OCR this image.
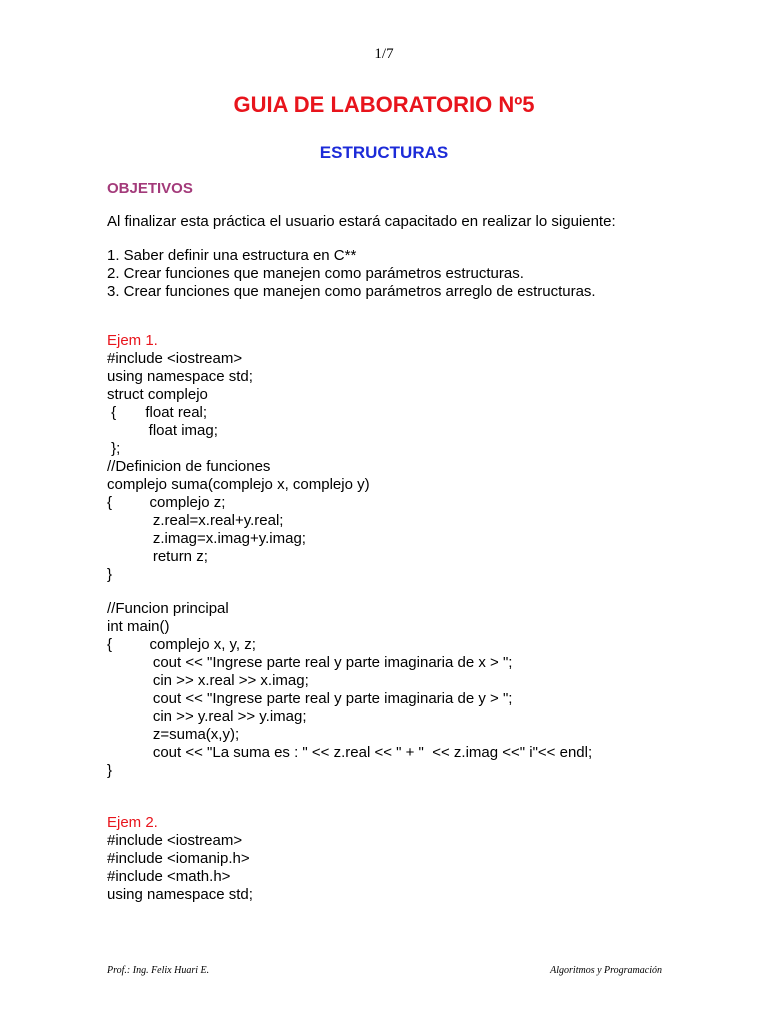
1/7
GUIA DE LABORATORIO Nº5
ESTRUCTURAS
OBJETIVOS
Al finalizar esta práctica el usuario estará capacitado en realizar lo siguiente:
1. Saber definir una estructura en C**
2. Crear funciones que manejen como parámetros estructuras.
3. Crear funciones que manejen como parámetros arreglo de estructuras.
Ejem 1.
#include <iostream>
using namespace std;
struct complejo
{       float real;
float imag;
};
//Definicion de funciones
complejo suma(complejo x, complejo y)
{         complejo z;
z.real=x.real+y.real;
z.imag=x.imag+y.imag;
return z;
}
//Funcion principal
int main()
{         complejo x, y, z;
cout << "Ingrese parte real y parte imaginaria de x > ";
cin >> x.real >> x.imag;
cout << "Ingrese parte real y parte imaginaria de y > ";
cin >> y.real >> y.imag;
z=suma(x,y);
cout << "La suma es : " << z.real << " + "  << z.imag <<" i"<< endl;
}
Ejem 2.
#include <iostream>
#include <iomanip.h>
#include <math.h>
using namespace std;
Prof.: Ing. Felix Huari E.	Algoritmos y Programación
